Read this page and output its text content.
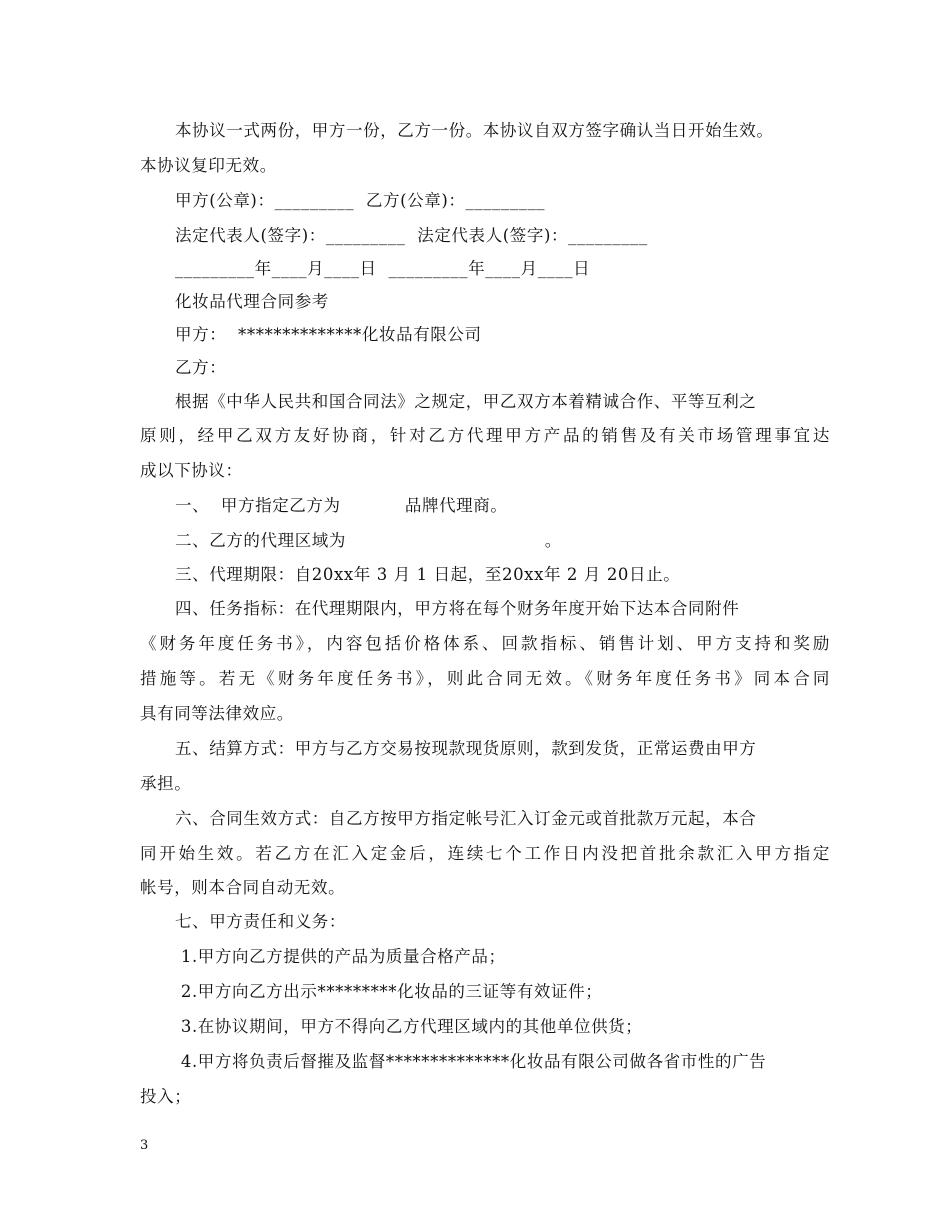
本协议一式两份，甲方一份，乙方一份。本协议自双方签字确认当日开始生效。
本协议复印无效。
甲方(公章)：_________  乙方(公章)：_________
法定代表人(签字)：_________  法定代表人(签字)：_________
_________年____月____日  _________年____月____日
化妆品代理合同参考
甲方：  **************化妆品有限公司
乙方：
根据《中华人民共和国合同法》之规定，甲乙双方本着精诚合作、平等互利之
原则，经甲乙双方友好协商，针对乙方代理甲方产品的销售及有关市场管理事宜达
成以下协议：
一、  甲方指定乙方为           品牌代理商。
二、乙方的代理区域为                                  。
三、代理期限：自20xx年 3 月 1 日起，至20xx年 2 月 20日止。
四、任务指标：在代理期限内，甲方将在每个财务年度开始下达本合同附件
《财务年度任务书》，内容包括价格体系、回款指标、销售计划、甲方支持和奖励
措施等。若无《财务年度任务书》，则此合同无效。《财务年度任务书》同本合同
具有同等法律效应。
五、结算方式：甲方与乙方交易按现款现货原则，款到发货，正常运费由甲方
承担。
六、合同生效方式：自乙方按甲方指定帐号汇入订金元或首批款万元起，本合
同开始生效。若乙方在汇入定金后，连续七个工作日内没把首批余款汇入甲方指定
帐号，则本合同自动无效。
七、甲方责任和义务：
1.甲方向乙方提供的产品为质量合格产品；
2.甲方向乙方出示*********化妆品的三证等有效证件；
3.在协议期间，甲方不得向乙方代理区域内的其他单位供货；
4.甲方将负责后督摧及监督**************化妆品有限公司做各省市性的广告
投入；
3
